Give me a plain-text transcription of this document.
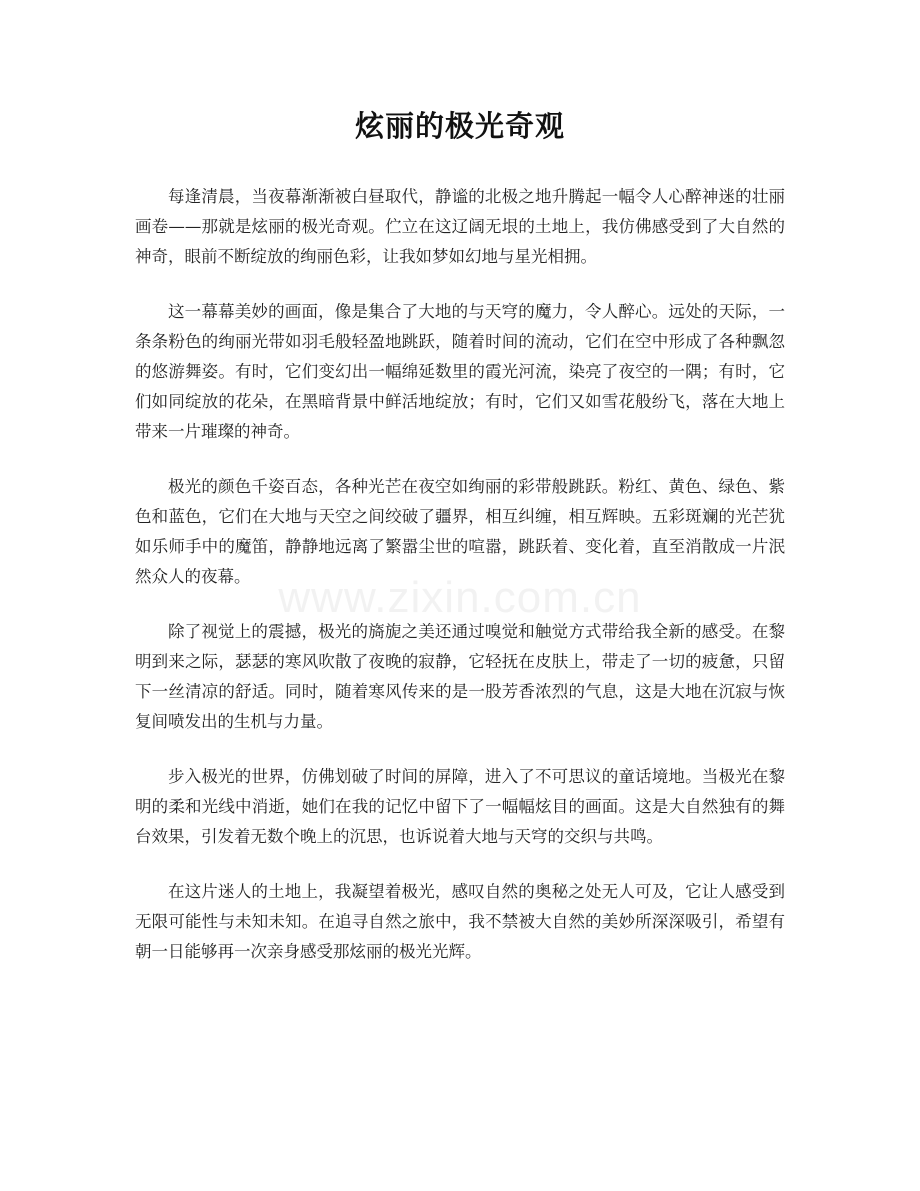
炫丽的极光奇观
www.zixin.com.cn

每逢清晨，当夜幕渐渐被白昼取代，静谧的北极之地升腾起一幅令人心醉神迷的壮丽画卷——那就是炫丽的极光奇观。伫立在这辽阔无垠的土地上，我仿佛感受到了大自然的神奇，眼前不断绽放的绚丽色彩，让我如梦如幻地与星光相拥。

这一幕幕美妙的画面，像是集合了大地的与天穹的魔力，令人醉心。远处的天际，一条条粉色的绚丽光带如羽毛般轻盈地跳跃，随着时间的流动，它们在空中形成了各种飘忽的悠游舞姿。有时，它们变幻出一幅绵延数里的霞光河流，染亮了夜空的一隅；有时，它们如同绽放的花朵，在黑暗背景中鲜活地绽放；有时，它们又如雪花般纷飞，落在大地上带来一片璀璨的神奇。

极光的颜色千姿百态，各种光芒在夜空如绚丽的彩带般跳跃。粉红、黄色、绿色、紫色和蓝色，它们在大地与天空之间绞破了疆界，相互纠缠，相互辉映。五彩斑斓的光芒犹如乐师手中的魔笛，静静地远离了繁嚣尘世的喧嚣，跳跃着、变化着，直至消散成一片泯然众人的夜幕。

除了视觉上的震撼，极光的旖旎之美还通过嗅觉和触觉方式带给我全新的感受。在黎明到来之际，瑟瑟的寒风吹散了夜晚的寂静，它轻抚在皮肤上，带走了一切的疲惫，只留下一丝清凉的舒适。同时，随着寒风传来的是一股芳香浓烈的气息，这是大地在沉寂与恢复间喷发出的生机与力量。

步入极光的世界，仿佛划破了时间的屏障，进入了不可思议的童话境地。当极光在黎明的柔和光线中消逝，她们在我的记忆中留下了一幅幅炫目的画面。这是大自然独有的舞台效果，引发着无数个晚上的沉思，也诉说着大地与天穹的交织与共鸣。

在这片迷人的土地上，我凝望着极光，感叹自然的奥秘之处无人可及，它让人感受到无限可能性与未知未知。在追寻自然之旅中，我不禁被大自然的美妙所深深吸引，希望有朝一日能够再一次亲身感受那炫丽的极光光辉。
